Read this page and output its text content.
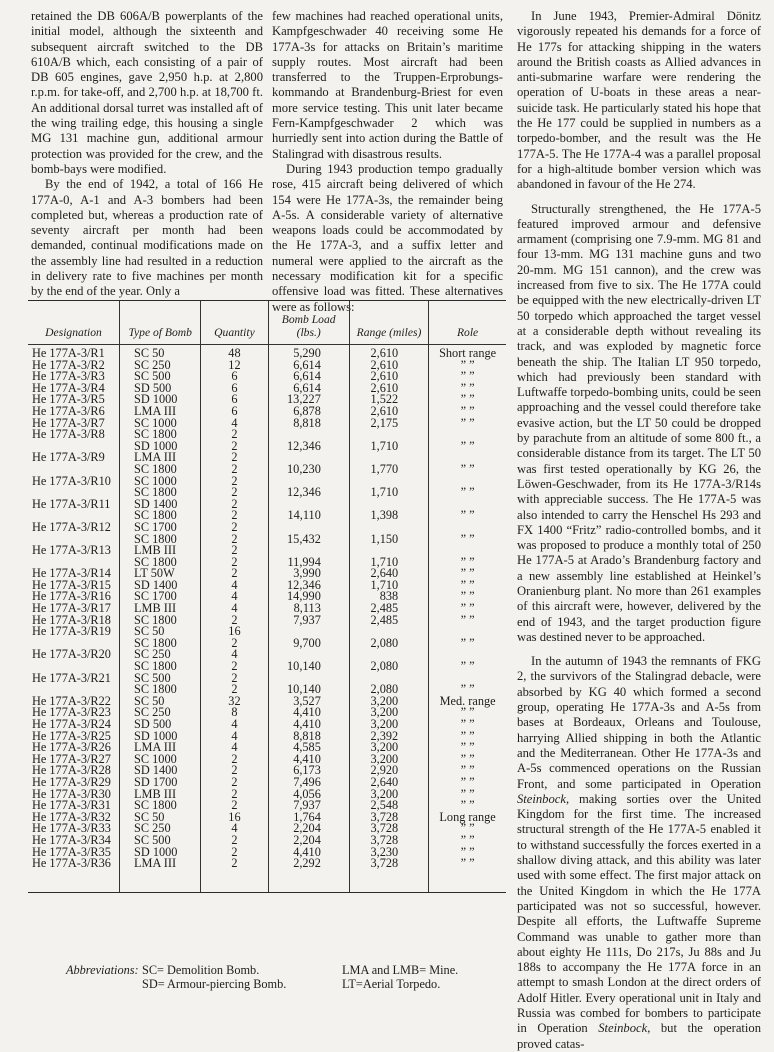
retained the DB 606A/B powerplants of the initial model, although the sixteenth and subsequent aircraft switched to the DB 610A/B which, each consisting of a pair of DB 605 engines, gave 2,950 h.p. at 2,800 r.p.m. for take-off, and 2,700 h.p. at 18,700 ft. An additional dorsal turret was installed aft of the wing trailing edge, this housing a single MG 131 machine gun, additional armour protection was provided for the crew, and the bomb-bays were modified.

By the end of 1942, a total of 166 He 177A-0, A-1 and A-3 bombers had been completed but, whereas a production rate of seventy aircraft per month had been demanded, continual modifications made on the assembly line had resulted in a reduction in delivery rate to five machines per month by the end of the year. Only a

few machines had reached operational units, Kampfgeschwader 40 receiving some He 177A-3s for attacks on Britain’s maritime supply routes. Most aircraft had been transferred to the Truppen-Erprobungs-kommando at Brandenburg-Briest for even more service testing. This unit later became Fern-Kampfgeschwader 2 which was hurriedly sent into action during the Battle of Stalingrad with disastrous results.

During 1943 production tempo gradually rose, 415 aircraft being delivered of which 154 were He 177A-3s, the remainder being A-5s. A considerable variety of alternative weapons loads could be accommodated by the He 177A-3, and a suffix letter and numeral were applied to the aircraft as the necessary modification kit for a specific offensive load was fitted. These alternatives were as follows:

In June 1943, Premier-Admiral Dönitz vigorously repeated his demands for a force of He 177s for attacking shipping in the waters around the British coasts as Allied advances in anti-submarine warfare were rendering the operation of U-boats in these areas a near-suicide task. He particularly stated his hope that the He 177 could be supplied in numbers as a torpedo-bomber, and the result was the He 177A-5. The He 177A-4 was a parallel proposal for a high-altitude bomber version which was abandoned in favour of the He 274.

Structurally strengthened, the He 177A-5 featured improved armour and defensive armament (comprising one 7.9-mm. MG 81 and four 13-mm. MG 131 machine guns and two 20-mm. MG 151 cannon), and the crew was increased from five to six. The He 177A could be equipped with the new electrically-driven LT 50 torpedo which approached the target vessel at a considerable depth without revealing its track, and was exploded by magnetic force beneath the ship. The Italian LT 950 torpedo, which had previously been standard with Luftwaffe torpedo-bombing units, could be seen approaching and the vessel could therefore take evasive action, but the LT 50 could be dropped by parachute from an altitude of some 800 ft., a considerable distance from its target. The LT 50 was first tested operationally by KG 26, the Löwen-Geschwader, from its He 177A-3/R14s with appreciable success. The He 177A-5 was also intended to carry the Henschel Hs 293 and FX 1400 “Fritz” radio-controlled bombs, and it was proposed to produce a monthly total of 250 He 177A-5 at Arado’s Brandenburg factory and a new assembly line established at Heinkel’s Oranienburg plant. No more than 261 examples of this aircraft were, however, delivered by the end of 1943, and the target production figure was destined never to be approached.

In the autumn of 1943 the remnants of FKG 2, the survivors of the Stalingrad debacle, were absorbed by KG 40 which formed a second group, operating He 177A-3s and A-5s from bases at Bordeaux, Orleans and Toulouse, harrying Allied shipping in both the Atlantic and the Mediterranean. Other He 177A-3s and A-5s commenced operations on the Russian Front, and some participated in Operation Steinbock, making sorties over the United Kingdom for the first time. The increased structural strength of the He 177A-5 enabled it to withstand successfully the forces exerted in a shallow diving attack, and this ability was later used with some effect. The first major attack on the United Kingdom in which the He 177A participated was not so successful, however. Despite all efforts, the Luftwaffe Supreme Command was unable to gather more than about eighty He 111s, Do 217s, Ju 88s and Ju 188s to accompany the He 177A force in an attempt to smash London at the direct orders of Adolf Hitler. Every operational unit in Italy and Russia was combed for bombers to participate in Operation Steinbock, but the operation proved catas-

Designation	Type of Bomb	Quantity	Bomb Load (lbs.)	Range (miles)	Role
He 177A-3/R1	SC 50	48	5,290	2,610	Short range
He 177A-3/R2	SC 250	12	6,614	2,610	” ”
He 177A-3/R3	SC 500	6	6,614	2,610	” ”
He 177A-3/R4	SD 500	6	6,614	2,610	” ”
He 177A-3/R5	SD 1000	6	13,227	1,522	” ”
He 177A-3/R6	LMA III	6	6,878	2,610	” ”
He 177A-3/R7	SC 1000	4	8,818	2,175	” ”
He 177A-3/R8	SC 1800	2			
	SD 1000	2	12,346	1,710	” ”
He 177A-3/R9	LMA III	2			
	SC 1800	2	10,230	1,770	” ”
He 177A-3/R10	SC 1000	2			
	SC 1800	2	12,346	1,710	” ”
He 177A-3/R11	SD 1400	2			
	SC 1800	2	14,110	1,398	” ”
He 177A-3/R12	SC 1700	2			
	SC 1800	2	15,432	1,150	” ”
He 177A-3/R13	LMB III	2			
	SC 1800	2	11,994	1,710	” ”
He 177A-3/R14	LT 50W	2	3,990	2,640	” ”
He 177A-3/R15	SD 1400	4	12,346	1,710	” ”
He 177A-3/R16	SC 1700	4	14,990	838	” ”
He 177A-3/R17	LMB III	4	8,113	2,485	” ”
He 177A-3/R18	SC 1800	2	7,937	2,485	” ”
He 177A-3/R19	SC 50	16			
	SC 1800	2	9,700	2,080	” ”
He 177A-3/R20	SC 250	4			
	SC 1800	2	10,140	2,080	” ”
He 177A-3/R21	SC 500	2			
	SC 1800	2	10,140	2,080	” ”
He 177A-3/R22	SC 50	32	3,527	3,200	Med. range
He 177A-3/R23	SC 250	8	4,410	3,200	” ”
He 177A-3/R24	SD 500	4	4,410	3,200	” ”
He 177A-3/R25	SD 1000	4	8,818	2,392	” ”
He 177A-3/R26	LMA III	4	4,585	3,200	” ”
He 177A-3/R27	SC 1000	2	4,410	3,200	” ”
He 177A-3/R28	SD 1400	2	6,173	2,920	” ”
He 177A-3/R29	SD 1700	2	7,496	2,640	” ”
He 177A-3/R30	LMB III	2	4,056	3,200	” ”
He 177A-3/R31	SC 1800	2	7,937	2,548	” ”
He 177A-3/R32	SC 50	16	1,764	3,728	Long range
He 177A-3/R33	SC 250	4	2,204	3,728	” ”
He 177A-3/R34	SC 500	2	2,204	3,728	” ”
He 177A-3/R35	SD 1000	2	4,410	3,230	” ”
He 177A-3/R36	LMA III	2	2,292	3,728	” ”

Abbreviations: SC= Demolition Bomb.
SD= Armour-piercing Bomb.
LMA and LMB= Mine.
LT=Aerial Torpedo.
